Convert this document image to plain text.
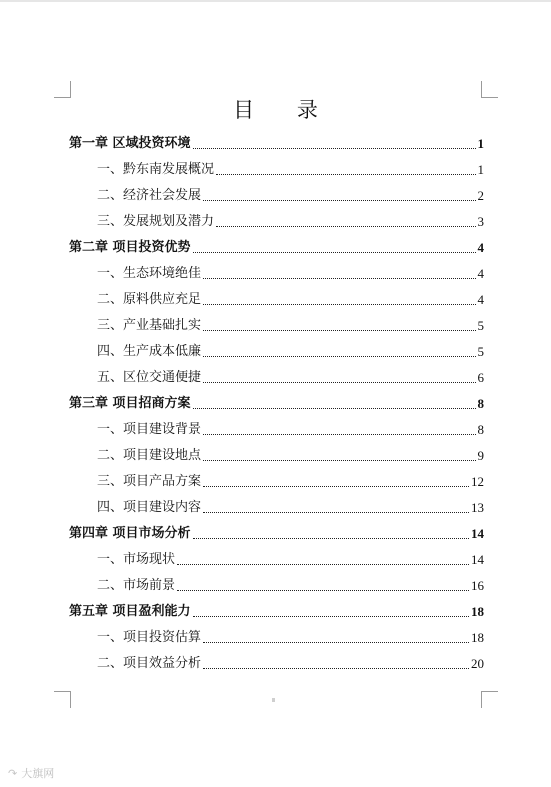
目 录
第一章 区域投资环境	1
一、黔东南发展概况	1
二、经济社会发展	2
三、发展规划及潜力	3
第二章 项目投资优势	4
一、生态环境绝佳	4
二、原料供应充足	4
三、产业基础扎实	5
四、生产成本低廉	5
五、区位交通便捷	6
第三章 项目招商方案	8
一、项目建设背景	8
二、项目建设地点	9
三、项目产品方案	12
四、项目建设内容	13
第四章 项目市场分析	14
一、市场现状	14
二、市场前景	16
第五章 项目盈利能力	18
一、项目投资估算	18
二、项目效益分析	20
↷ 大旗网
